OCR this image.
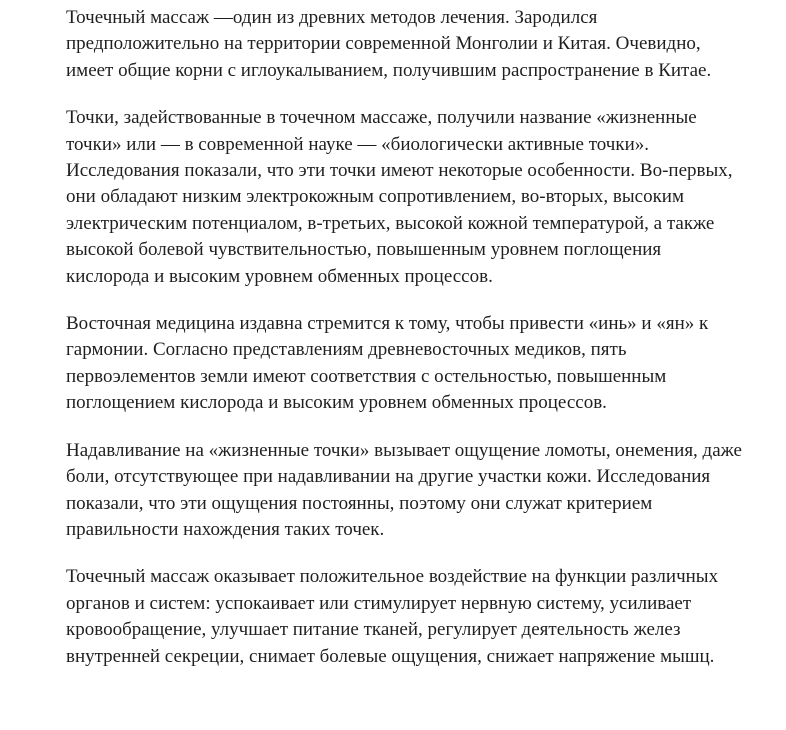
Точечный массаж —один из древних методов лечения. Зародился предположительно на территории современной Монголии и Китая. Очевидно, имеет общие корни с иглоукалыванием, получившим распространение в Китае.

Точки, задействованные в точечном массаже, получили название «жизненные точки» или — в современной науке — «биологически активные точки». Исследования показали, что эти точки имеют некоторые особенности. Во-первых, они обладают низким электрокожным сопротивлением, во-вторых, высоким электрическим потенциалом, в-третьих, высокой кожной температурой, а также высокой болевой чувствительностью, повышенным уровнем поглощения кислорода и высоким уровнем обменных процессов.

Восточная медицина издавна стремится к тому, чтобы привести «инь» и «ян» к гармонии. Согласно представлениям древневосточных медиков, пять первоэлементов земли имеют соответствия с остельностью, повышенным поглощением кислорода и высоким уровнем обменных процессов.

Надавливание на «жизненные точки» вызывает ощущение ломоты, онемения, даже боли, отсутствующее при надавливании на другие участки кожи. Исследования показали, что эти ощущения постоянны, поэтому они служат критерием правильности нахождения таких точек.

Точечный массаж оказывает положительное воздействие на функции различных органов и систем: успокаивает или стимулирует нервную систему, усиливает кровообращение, улучшает питание тканей, регулирует деятельность желез внутренней секреции, снимает болевые ощущения, снижает напряжение мышц.
